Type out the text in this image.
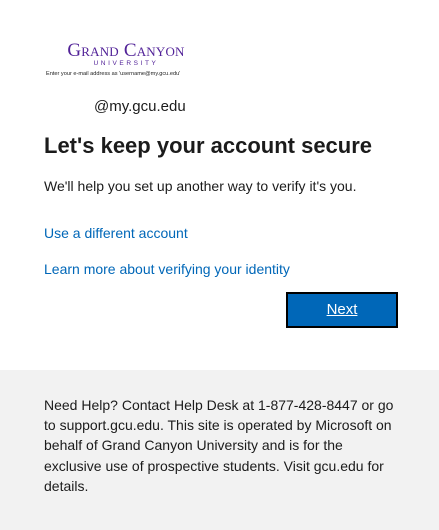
Grand Canyon
UNIVERSITY
Enter your e-mail address as 'username@my.gcu.edu'
@my.gcu.edu
Let's keep your account secure
We'll help you set up another way to verify it's you.
Use a different account
Learn more about verifying your identity
Next
Need Help? Contact Help Desk at 1-877-428-8447 or go to support.gcu.edu. This site is operated by Microsoft on behalf of Grand Canyon University and is for the exclusive use of prospective students. Visit gcu.edu for details.
